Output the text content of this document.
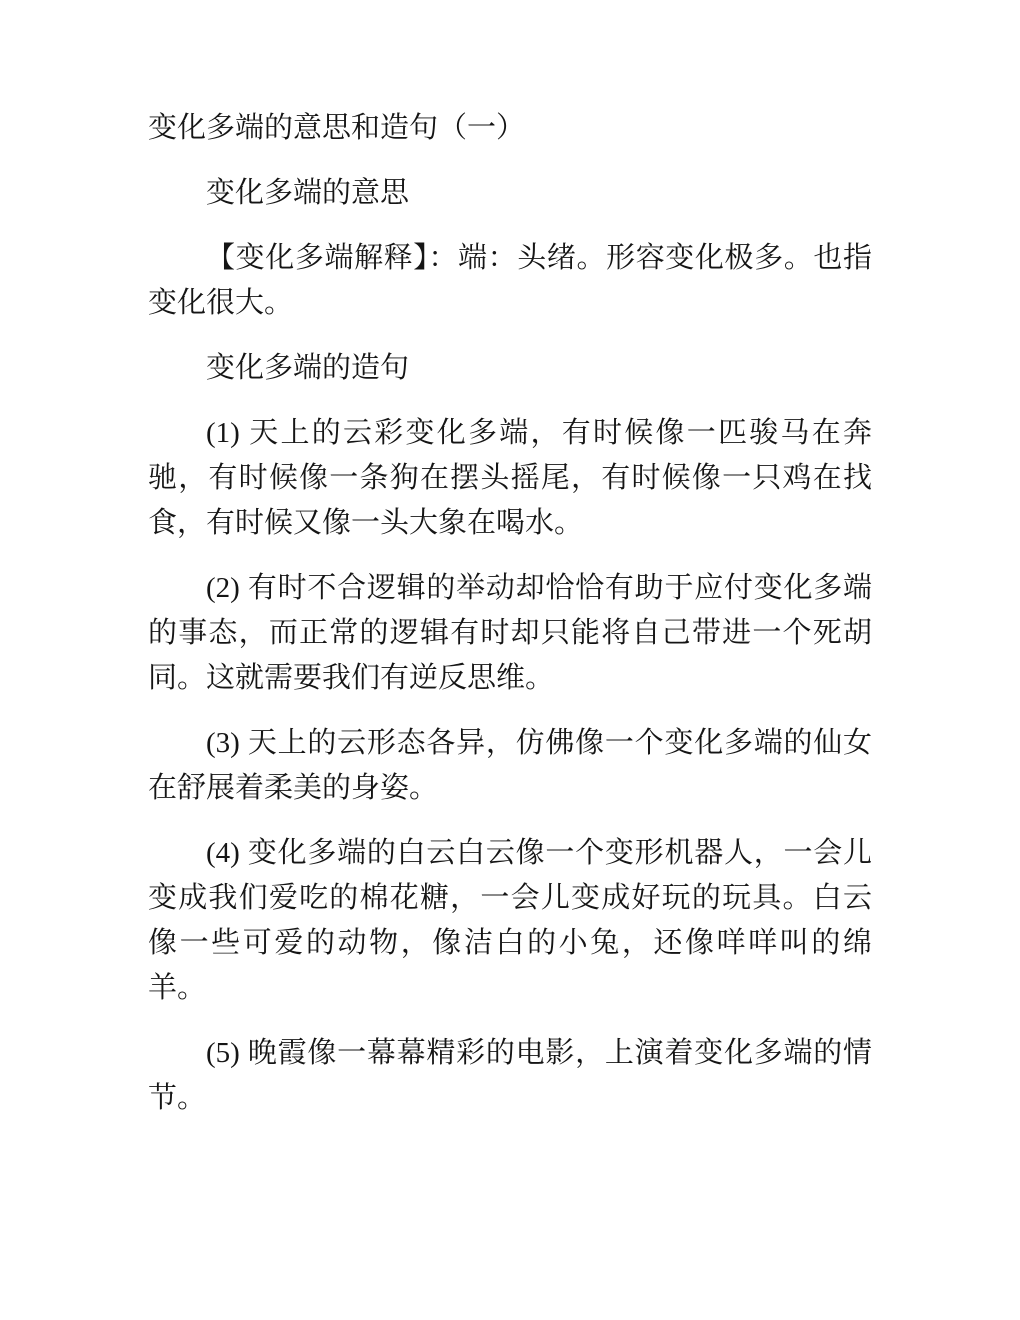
变化多端的意思和造句（一）

变化多端的意思

【变化多端解释】：端：头绪。形容变化极多。也指变化很大。

变化多端的造句

(1) 天上的云彩变化多端，有时候像一匹骏马在奔驰，有时候像一条狗在摆头摇尾，有时候像一只鸡在找食，有时候又像一头大象在喝水。

(2) 有时不合逻辑的举动却恰恰有助于应付变化多端的事态，而正常的逻辑有时却只能将自己带进一个死胡同。这就需要我们有逆反思维。

(3) 天上的云形态各异，仿佛像一个变化多端的仙女在舒展着柔美的身姿。

(4) 变化多端的白云白云像一个变形机器人，一会儿变成我们爱吃的棉花糖，一会儿变成好玩的玩具。白云像一些可爱的动物，像洁白的小兔，还像咩咩叫的绵羊。

(5) 晚霞像一幕幕精彩的电影，上演着变化多端的情节。
